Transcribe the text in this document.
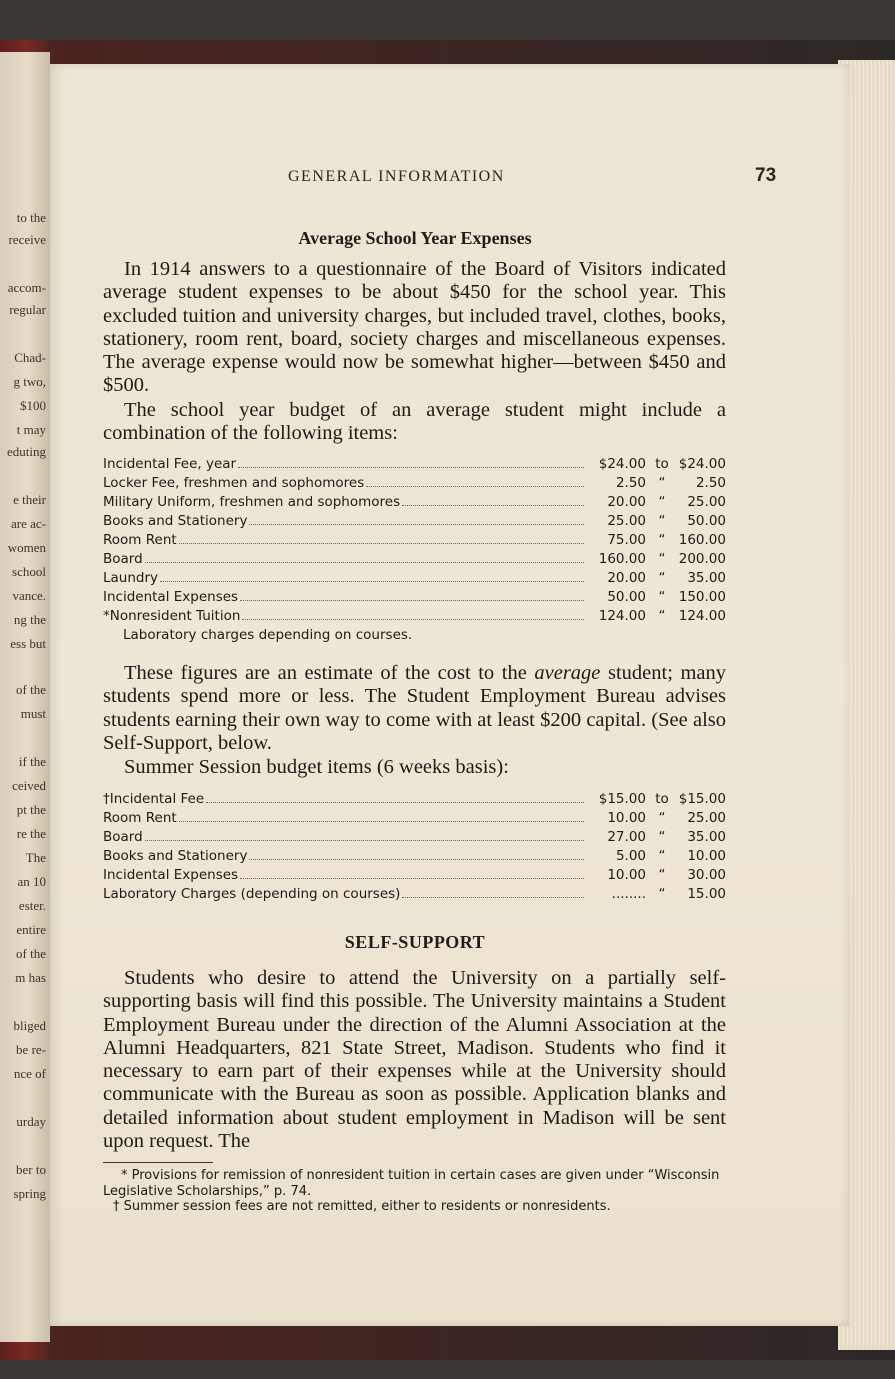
to the
receive
accom-
regular
Chad-
g two,
$100
t may
eduting
e their
are ac-
women
school
vance.
ng the
ess but
of the
must
if the
ceived
pt the
re the
The
an 10
ester.
entire
of the
m has
bliged
be re-
nce of
urday
ber to
spring
GENERAL INFORMATION	73
Average School Year Expenses

In 1914 answers to a questionnaire of the Board of Visitors indicated average student expenses to be about $450 for the school year. This excluded tuition and university charges, but included travel, clothes, books, stationery, room rent, board, society charges and miscellaneous expenses. The average expense would now be somewhat higher—between $450 and $500.

The school year budget of an average student might include a combination of the following items:

Incidental Fee, year	$24.00 to $24.00
Locker Fee, freshmen and sophomores	2.50 “	2.50
Military Uniform, freshmen and sophomores	20.00 “	25.00
Books and Stationery	25.00 “	50.00
Room Rent	75.00 “ 160.00
Board	160.00 “ 200.00
Laundry	20.00 “	35.00
Incidental Expenses	50.00 “ 150.00
*Nonresident Tuition	124.00 “ 124.00
Laboratory charges depending on courses.

These figures are an estimate of the cost to the average student; many students spend more or less. The Student Employment Bureau advises students earning their own way to come with at least $200 capital. (See also Self-Support, below.

Summer Session budget items (6 weeks basis):

†Incidental Fee	$15.00 to $15.00
Room Rent	10.00 “	25.00
Board	27.00 “	35.00
Books and Stationery	5.00 “	10.00
Incidental Expenses	10.00 “	30.00
Laboratory Charges (depending on courses)	........ “	15.00
SELF-SUPPORT

Students who desire to attend the University on a partially self-supporting basis will find this possible. The University maintains a Student Employment Bureau under the direction of the Alumni Association at the Alumni Headquarters, 821 State Street, Madison. Students who find it necessary to earn part of their expenses while at the University should communicate with the Bureau as soon as possible. Application blanks and detailed information about student employment in Madison will be sent upon request. The

* Provisions for remission of nonresident tuition in certain cases are given under “Wisconsin Legislative Scholarships,” p. 74.

† Summer session fees are not remitted, either to residents or nonresidents.
